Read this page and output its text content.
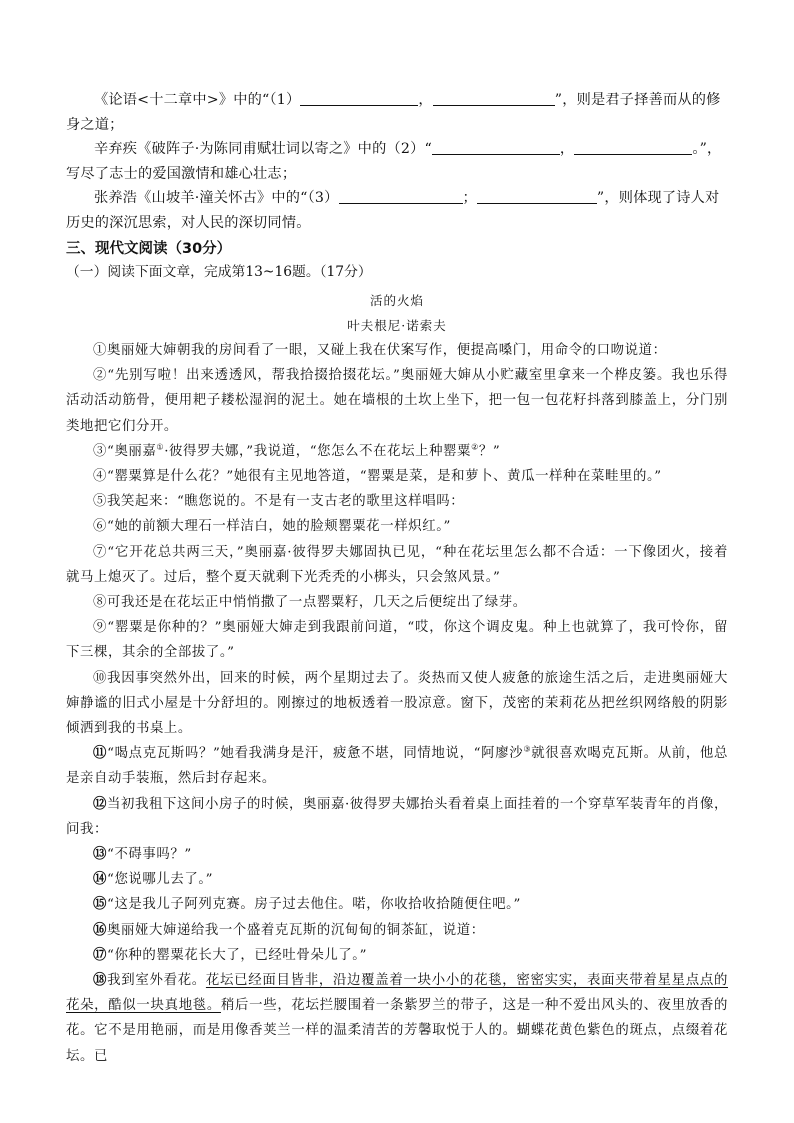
《论语<十二章中>》中的“（1）	，	”，则是君子择善而从的修身之道；

辛弃疾《破阵子·为陈同甫赋壮词以寄之》中的（2）“	，	。”，写尽了志士的爱国激情和雄心壮志；

张养浩《山坡羊·潼关怀古》中的“（3）	；	”，则体现了诗人对历史的深沉思索，对人民的深切同情。

三、现代文阅读（30分）

（一）阅读下面文章，完成第13~16题。（17分）

活的火焰
叶夫根尼·诺索夫

①奥丽娅大婶朝我的房间看了一眼，又碰上我在伏案写作，便提高嗓门，用命令的口吻说道：

②“先别写啦！出来透透风，帮我拾掇拾掇花坛。”奥丽娅大婶从小贮藏室里拿来一个桦皮篓。我也乐得活动活动筋骨，便用耙子耧松湿润的泥土。她在墙根的土坎上坐下，把一包一包花籽抖落到膝盖上，分门别类地把它们分开。

③“奥丽嘉①·彼得罗夫娜，”我说道，“您怎么不在花坛上种罂粟②？”

④“罂粟算是什么花？”她很有主见地答道，“罂粟是菜，是和萝卜、黄瓜一样种在菜畦里的。”

⑤我笑起来：“瞧您说的。不是有一支古老的歌里这样唱吗：

⑥“她的前额大理石一样洁白，她的脸颊罂粟花一样炽红。”

⑦“它开花总共两三天，”奥丽嘉·彼得罗夫娜固执已见，“种在花坛里怎么都不合适：一下像团火，接着就马上熄灭了。过后，整个夏天就剩下光秃秃的小梆头，只会煞风景。”

⑧可我还是在花坛正中悄悄撒了一点罂粟籽，几天之后便绽出了绿芽。

⑨“罂粟是你种的？”奥丽娅大婶走到我跟前问道，“哎，你这个调皮鬼。种上也就算了，我可怜你，留下三棵，其余的全部拔了。”

⑩我因事突然外出，回来的时候，两个星期过去了。炎热而又使人疲惫的旅途生活之后，走进奥丽娅大婶静谧的旧式小屋是十分舒坦的。刚擦过的地板透着一股凉意。窗下，茂密的茉莉花丛把丝织网络般的阴影倾洒到我的书桌上。

⑪“喝点克瓦斯吗？”她看我满身是汗，疲惫不堪，同情地说，“阿廖沙③就很喜欢喝克瓦斯。从前，他总是亲自动手装瓶，然后封存起来。

⑫当初我租下这间小房子的时候，奥丽嘉·彼得罗夫娜抬头看着桌上面挂着的一个穿草军装青年的肖像，问我：

⑬“不碍事吗？”

⑭“您说哪儿去了。”

⑮“这是我儿子阿列克赛。房子过去他住。喏，你收拾收拾随便住吧。”

⑯奥丽娅大婶递给我一个盛着克瓦斯的沉甸甸的铜茶缸，说道：

⑰“你种的罂粟花长大了，已经吐骨朵儿了。”

⑱我到室外看花。花坛已经面目皆非，沿边覆盖着一块小小的花毯，密密实实，表面夹带着星星点点的花朵，酷似一块真地毯。稍后一些，花坛拦腰围着一条紫罗兰的带子，这是一种不爱出风头的、夜里放香的花。它不是用艳丽，而是用像香荚兰一样的温柔清苦的芳馨取悦于人的。蝴蝶花黄色紫色的斑点，点缀着花坛。已
